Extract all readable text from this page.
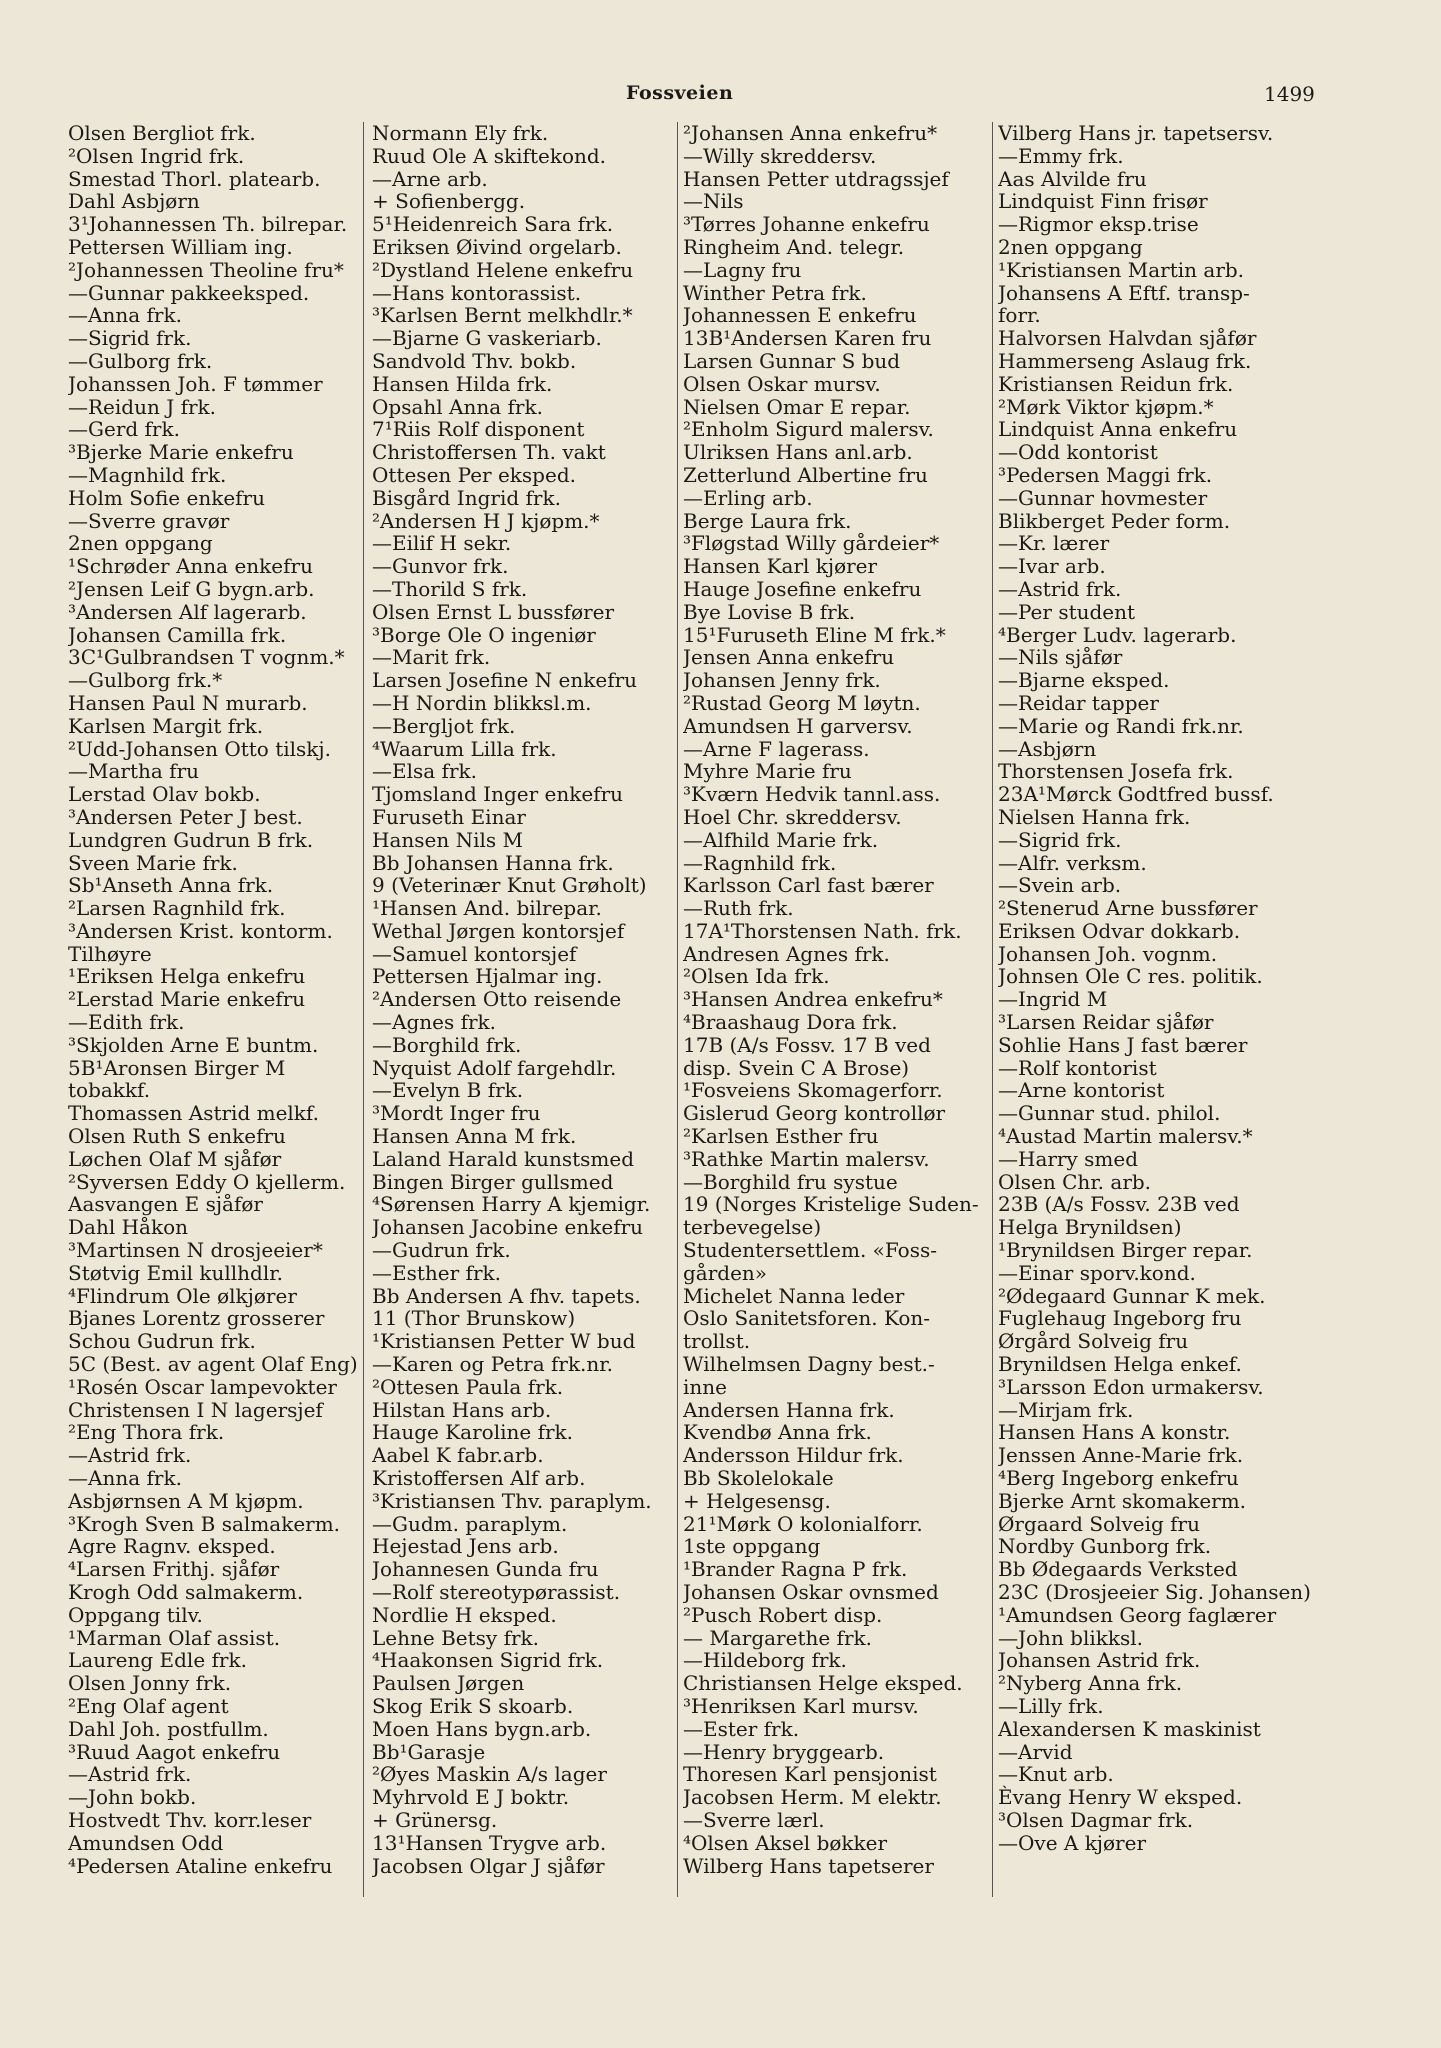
Fossveien	1499
Olsen Bergliot frk.
²Olsen Ingrid frk.
Smestad Thorl. platearb.
Dahl Asbjørn
3¹Johannessen Th. bilrepar.
Pettersen William ing.
²Johannessen Theoline fru*
—Gunnar pakkeeksped.
—Anna frk.
—Sigrid frk.
—Gulborg frk.
Johanssen Joh. F tømmer
—Reidun J frk.
—Gerd frk.
³Bjerke Marie enkefru
—Magnhild frk.
Holm Sofie enkefru
—Sverre gravør
2nen oppgang
¹Schrøder Anna enkefru
²Jensen Leif G bygn.arb.
³Andersen Alf lagerarb.
Johansen Camilla frk.
3C¹Gulbrandsen T vognm.*
—Gulborg frk.*
Hansen Paul N murarb.
Karlsen Margit frk.
²Udd-Johansen Otto tilskj.
—Martha fru
Lerstad Olav bokb.
³Andersen Peter J best.
Lundgren Gudrun B frk.
Sveen Marie frk.
Sb¹Anseth Anna frk.
²Larsen Ragnhild frk.
³Andersen Krist. kontorm.
Tilhøyre
¹Eriksen Helga enkefru
²Lerstad Marie enkefru
—Edith frk.
³Skjolden Arne E buntm.
5B¹Aronsen Birger M
tobakkf.
Thomassen Astrid melkf.
Olsen Ruth S enkefru
Løchen Olaf M sjåfør
²Syversen Eddy O kjellerm.
Aasvangen E sjåfør
Dahl Håkon
³Martinsen N drosjeeier*
Støtvig Emil kullhdlr.
⁴Flindrum Ole ølkjører
Bjanes Lorentz grosserer
Schou Gudrun frk.
5C (Best. av agent Olaf Eng)
¹Rosén Oscar lampevokter
Christensen I N lagersjef
²Eng Thora frk.
—Astrid frk.
—Anna frk.
Asbjørnsen A M kjøpm.
³Krogh Sven B salmakerm.
Agre Ragnv. eksped.
⁴Larsen Frithj. sjåfør
Krogh Odd salmakerm.
Oppgang tilv.
¹Marman Olaf assist.
Laureng Edle frk.
Olsen Jonny frk.
²Eng Olaf agent
Dahl Joh. postfullm.
³Ruud Aagot enkefru
—Astrid frk.
—John bokb.
Hostvedt Thv. korr.leser
Amundsen Odd
⁴Pedersen Ataline enkefru
Normann Ely frk.
Ruud Ole A skiftekond.
—Arne arb.
+ Sofienbergg.
5¹Heidenreich Sara frk.
Eriksen Øivind orgelarb.
²Dystland Helene enkefru
—Hans kontorassist.
³Karlsen Bernt melkhdlr.*
—Bjarne G vaskeriarb.
Sandvold Thv. bokb.
Hansen Hilda frk.
Opsahl Anna frk.
7¹Riis Rolf disponent
Christoffersen Th. vakt
Ottesen Per eksped.
Bisgård Ingrid frk.
²Andersen H J kjøpm.*
—Eilif H sekr.
—Gunvor frk.
—Thorild S frk.
Olsen Ernst L bussfører
³Borge Ole O ingeniør
—Marit frk.
Larsen Josefine N enkefru
—H Nordin blikksl.m.
—Bergljot frk.
⁴Waarum Lilla frk.
—Elsa frk.
Tjomsland Inger enkefru
Furuseth Einar
Hansen Nils M
Bb Johansen Hanna frk.
9 (Veterinær Knut Grøholt)
¹Hansen And. bilrepar.
Wethal Jørgen kontorsjef
—Samuel kontorsjef
Pettersen Hjalmar ing.
²Andersen Otto reisende
—Agnes frk.
—Borghild frk.
Nyquist Adolf fargehdlr.
—Evelyn B frk.
³Mordt Inger fru
Hansen Anna M frk.
Laland Harald kunstsmed
Bingen Birger gullsmed
⁴Sørensen Harry A kjemigr.
Johansen Jacobine enkefru
—Gudrun frk.
—Esther frk.
Bb Andersen A fhv. tapets.
11 (Thor Brunskow)
¹Kristiansen Petter W bud
—Karen og Petra frk.nr.
²Ottesen Paula frk.
Hilstan Hans arb.
Hauge Karoline frk.
Aabel K fabr.arb.
Kristoffersen Alf arb.
³Kristiansen Thv. paraplym.
—Gudm. paraplym.
Hejestad Jens arb.
Johannesen Gunda fru
—Rolf stereotypørassist.
Nordlie H eksped.
Lehne Betsy frk.
⁴Haakonsen Sigrid frk.
Paulsen Jørgen
Skog Erik S skoarb.
Moen Hans bygn.arb.
Bb¹Garasje
²Øyes Maskin A/s lager
Myhrvold E J boktr.
+ Grünersg.
13¹Hansen Trygve arb.
Jacobsen Olgar J sjåfør
²Johansen Anna enkefru*
—Willy skreddersv.
Hansen Petter utdragssjef
—Nils
³Tørres Johanne enkefru
Ringheim And. telegr.
—Lagny fru
Winther Petra frk.
Johannessen E enkefru
13B¹Andersen Karen fru
Larsen Gunnar S bud
Olsen Oskar mursv.
Nielsen Omar E repar.
²Enholm Sigurd malersv.
Ulriksen Hans anl.arb.
Zetterlund Albertine fru
—Erling arb.
Berge Laura frk.
³Fløgstad Willy gårdeier*
Hansen Karl kjører
Hauge Josefine enkefru
Bye Lovise B frk.
15¹Furuseth Eline M frk.*
Jensen Anna enkefru
Johansen Jenny frk.
²Rustad Georg M løytn.
Amundsen H garversv.
—Arne F lagerass.
Myhre Marie fru
³Kværn Hedvik tannl.ass.
Hoel Chr. skreddersv.
—Alfhild Marie frk.
—Ragnhild frk.
Karlsson Carl fast bærer
—Ruth frk.
17A¹Thorstensen Nath. frk.
Andresen Agnes frk.
²Olsen Ida frk.
³Hansen Andrea enkefru*
⁴Braashaug Dora frk.
17B (A/s Fossv. 17 B ved
disp. Svein C A Brose)
¹Fosveiens Skomagerforr.
Gislerud Georg kontrollør
²Karlsen Esther fru
³Rathke Martin malersv.
—Borghild fru systue
19 (Norges Kristelige Suden-
terbevegelse)
Studentersettlem. «Foss-
gården»
Michelet Nanna leder
Oslo Sanitetsforen. Kon-
trollst.
Wilhelmsen Dagny best.-
inne
Andersen Hanna frk.
Kvendbø Anna frk.
Andersson Hildur frk.
Bb Skolelokale
+ Helgesensg.
21¹Mørk O kolonialforr.
1ste oppgang
¹Brander Ragna P frk.
Johansen Oskar ovnsmed
²Pusch Robert disp.
— Margarethe frk.
—Hildeborg frk.
Christiansen Helge eksped.
³Henriksen Karl mursv.
—Ester frk.
—Henry bryggearb.
Thoresen Karl pensjonist
Jacobsen Herm. M elektr.
—Sverre lærl.
⁴Olsen Aksel bøkker
Wilberg Hans tapetserer
Vilberg Hans jr. tapetsersv.
—Emmy frk.
Aas Alvilde fru
Lindquist Finn frisør
—Rigmor eksp.trise
2nen oppgang
¹Kristiansen Martin arb.
Johansens A Eftf. transp-
forr.
Halvorsen Halvdan sjåfør
Hammerseng Aslaug frk.
Kristiansen Reidun frk.
²Mørk Viktor kjøpm.*
Lindquist Anna enkefru
—Odd kontorist
³Pedersen Maggi frk.
—Gunnar hovmester
Blikberget Peder form.
—Kr. lærer
—Ivar arb.
—Astrid frk.
—Per student
⁴Berger Ludv. lagerarb.
—Nils sjåfør
—Bjarne eksped.
—Reidar tapper
—Marie og Randi frk.nr.
—Asbjørn
Thorstensen Josefa frk.
23A¹Mørck Godtfred bussf.
Nielsen Hanna frk.
—Sigrid frk.
—Alfr. verksm.
—Svein arb.
²Stenerud Arne bussfører
Eriksen Odvar dokkarb.
Johansen Joh. vognm.
Johnsen Ole C res. politik.
—Ingrid M
³Larsen Reidar sjåfør
Sohlie Hans J fast bærer
—Rolf kontorist
—Arne kontorist
—Gunnar stud. philol.
⁴Austad Martin malersv.*
—Harry smed
Olsen Chr. arb.
23B (A/s Fossv. 23B ved
Helga Brynildsen)
¹Brynildsen Birger repar.
—Einar sporv.kond.
²Ødegaard Gunnar K mek.
Fuglehaug Ingeborg fru
Ørgård Solveig fru
Brynildsen Helga enkef.
³Larsson Edon urmakersv.
—Mirjam frk.
Hansen Hans A konstr.
Jenssen Anne-Marie frk.
⁴Berg Ingeborg enkefru
Bjerke Arnt skomakerm.
Ørgaard Solveig fru
Nordby Gunborg frk.
Bb Ødegaards Verksted
23C (Drosjeeier Sig. Johansen)
¹Amundsen Georg faglærer
—John blikksl.
Johansen Astrid frk.
²Nyberg Anna frk.
—Lilly frk.
Alexandersen K maskinist
—Arvid
—Knut arb.
Èvang Henry W eksped.
³Olsen Dagmar frk.
—Ove A kjører
